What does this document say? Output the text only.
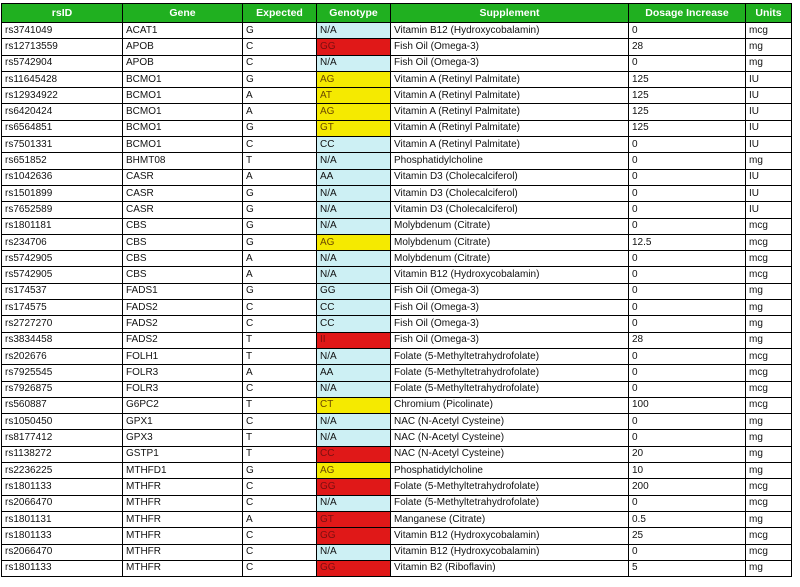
rsID	Gene	Expected	Genotype	Supplement	Dosage Increase	Units
rs3741049	ACAT1	G	N/A	Vitamin B12 (Hydroxycobalamin)	0	mcg
rs12713559	APOB	C	GG	Fish Oil (Omega-3)	28	mg
rs5742904	APOB	C	N/A	Fish Oil (Omega-3)	0	mg
rs11645428	BCMO1	G	AG	Vitamin A (Retinyl Palmitate)	125	IU
rs12934922	BCMO1	A	AT	Vitamin A (Retinyl Palmitate)	125	IU
rs6420424	BCMO1	A	AG	Vitamin A (Retinyl Palmitate)	125	IU
rs6564851	BCMO1	G	GT	Vitamin A (Retinyl Palmitate)	125	IU
rs7501331	BCMO1	C	CC	Vitamin A (Retinyl Palmitate)	0	IU
rs651852	BHMT08	T	N/A	Phosphatidylcholine	0	mg
rs1042636	CASR	A	AA	Vitamin D3 (Cholecalciferol)	0	IU
rs1501899	CASR	G	N/A	Vitamin D3 (Cholecalciferol)	0	IU
rs7652589	CASR	G	N/A	Vitamin D3 (Cholecalciferol)	0	IU
rs1801181	CBS	G	N/A	Molybdenum (Citrate)	0	mcg
rs234706	CBS	G	AG	Molybdenum (Citrate)	12.5	mcg
rs5742905	CBS	A	N/A	Molybdenum (Citrate)	0	mcg
rs5742905	CBS	A	N/A	Vitamin B12 (Hydroxycobalamin)	0	mcg
rs174537	FADS1	G	GG	Fish Oil (Omega-3)	0	mg
rs174575	FADS2	C	CC	Fish Oil (Omega-3)	0	mg
rs2727270	FADS2	C	CC	Fish Oil (Omega-3)	0	mg
rs3834458	FADS2	T	II	Fish Oil (Omega-3)	28	mg
rs202676	FOLH1	T	N/A	Folate (5-Methyltetrahydrofolate)	0	mcg
rs7925545	FOLR3	A	AA	Folate (5-Methyltetrahydrofolate)	0	mcg
rs7926875	FOLR3	C	N/A	Folate (5-Methyltetrahydrofolate)	0	mcg
rs560887	G6PC2	T	CT	Chromium (Picolinate)	100	mcg
rs1050450	GPX1	C	N/A	NAC (N-Acetyl Cysteine)	0	mg
rs8177412	GPX3	T	N/A	NAC (N-Acetyl Cysteine)	0	mg
rs1138272	GSTP1	T	CC	NAC (N-Acetyl Cysteine)	20	mg
rs2236225	MTHFD1	G	AG	Phosphatidylcholine	10	mg
rs1801133	MTHFR	C	GG	Folate (5-Methyltetrahydrofolate)	200	mcg
rs2066470	MTHFR	C	N/A	Folate (5-Methyltetrahydrofolate)	0	mcg
rs1801131	MTHFR	A	GT	Manganese (Citrate)	0.5	mg
rs1801133	MTHFR	C	GG	Vitamin B12 (Hydroxycobalamin)	25	mcg
rs2066470	MTHFR	C	N/A	Vitamin B12 (Hydroxycobalamin)	0	mcg
rs1801133	MTHFR	C	GG	Vitamin B2 (Riboflavin)	5	mg
